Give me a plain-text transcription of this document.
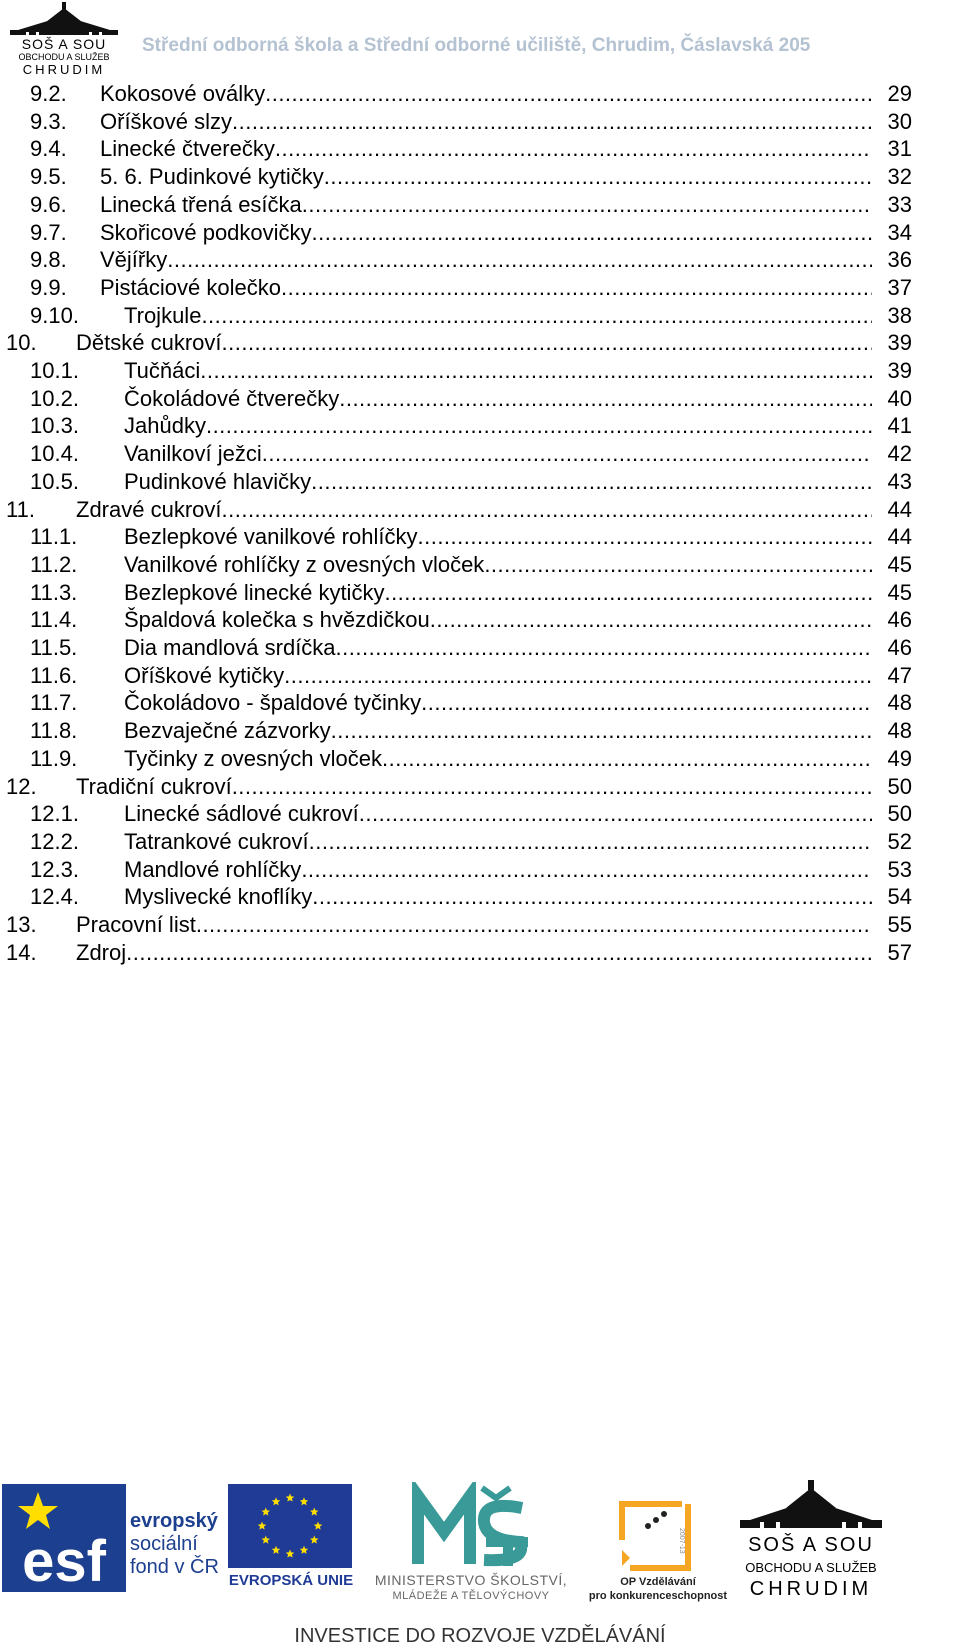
SOŠ A SOU
OBCHODU A SLUŽEB
CHRUDIM
Střední odborná škola a Střední odborné učiliště, Chrudim, Čáslavská 205
9.2. Kokosové oválky .....	29
9.3. Oříškové slzy .....	30
9.4. Linecké čtverečky .....	31
9.5. 5. 6. Pudinkové kytičky .....	32
9.6. Linecká třená esíčka .....	33
9.7. Skořicové podkovičky .....	34
9.8. Vějířky .....	36
9.9. Pistáciové kolečko .....	37
9.10. Trojkule .....	38
10. Dětské cukroví .....	39
10.1. Tučňáci .....	39
10.2. Čokoládové čtverečky .....	40
10.3. Jahůdky .....	41
10.4. Vanilkoví ježci .....	42
10.5. Pudinkové hlavičky .....	43
11. Zdravé cukroví .....	44
11.1. Bezlepkové vanilkové rohlíčky .....	44
11.2. Vanilkové rohlíčky z ovesných vloček .....	45
11.3. Bezlepkové linecké kytičky .....	45
11.4. Špaldová kolečka s hvězdičkou .....	46
11.5. Dia mandlová srdíčka .....	46
11.6. Oříškové kytičky .....	47
11.7. Čokoládovo - špaldové tyčinky .....	48
11.8. Bezvaječné zázvorky .....	48
11.9. Tyčinky z ovesných vloček .....	49
12. Tradiční cukroví .....	50
12.1. Linecké sádlové cukroví .....	50
12.2. Tatrankové cukroví .....	52
12.3. Mandlové rohlíčky .....	53
12.4. Myslivecké knoflíky .....	54
13. Pracovní list .....	55
14. Zdroj .....	57
esf
evropský
sociální
fond v ČR
EVROPSKÁ UNIE	MINISTERSTVO ŠKOLSTVÍ,
MLÁDEŽE A TĚLOVÝCHOVY
2007-13
OP Vzdělávání
pro konkurenceschopnost
SOŠ A SOU
OBCHODU A SLUŽEB
CHRUDIM
INVESTICE DO ROZVOJE VZDĚLÁVÁNÍ
